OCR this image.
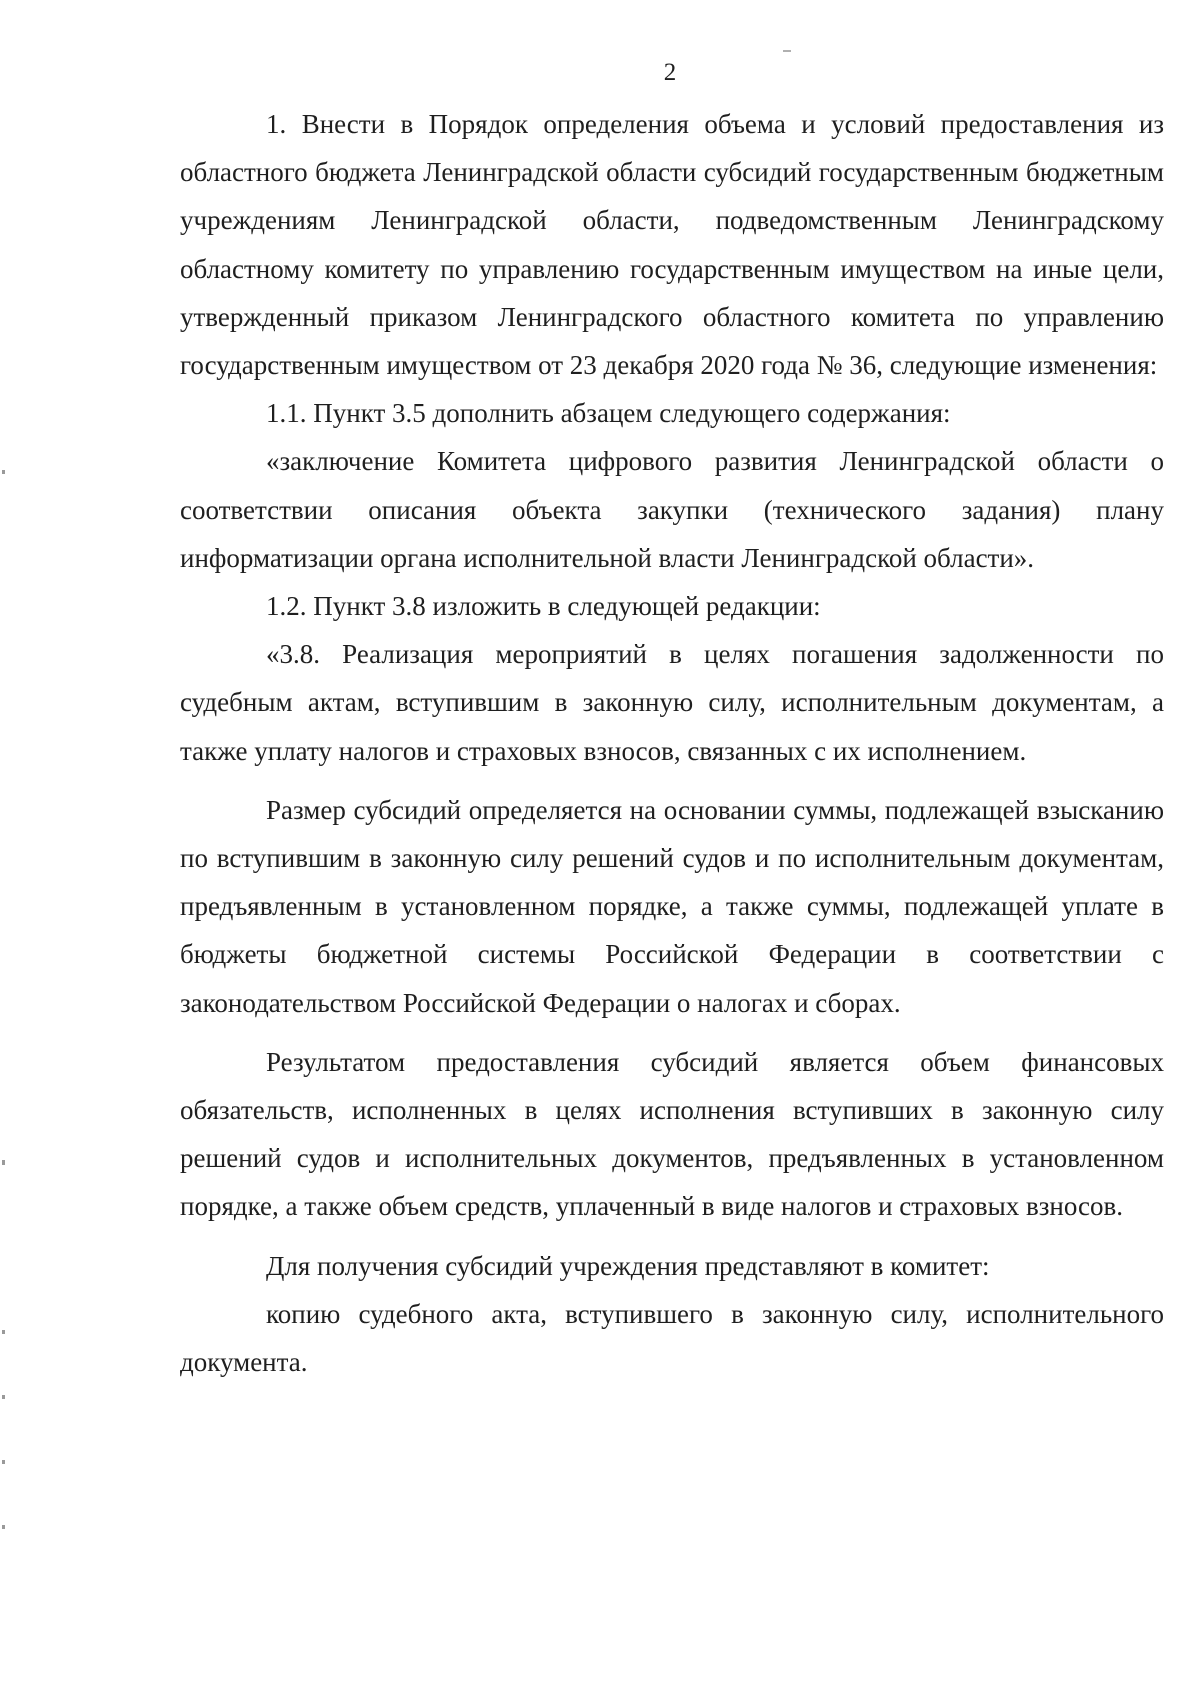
2

1. Внести в Порядок определения объема и условий предоставления из областного бюджета Ленинградской области субсидий государственным бюджетным учреждениям Ленинградской области, подведомственным Ленинградскому областному комитету по управлению государственным имуществом на иные цели, утвержденный приказом Ленинградского областного комитета по управлению государственным имуществом от 23 декабря 2020 года № 36, следующие изменения:

1.1. Пункт 3.5 дополнить абзацем следующего содержания:

«заключение Комитета цифрового развития Ленинградской области о соответствии описания объекта закупки (технического задания) плану информатизации органа исполнительной власти Ленинградской области».

1.2. Пункт 3.8 изложить в следующей редакции:

«3.8. Реализация мероприятий в целях погашения задолженности по судебным актам, вступившим в законную силу, исполнительным документам, а также уплату налогов и страховых взносов, связанных с их исполнением.

Размер субсидий определяется на основании суммы, подлежащей взысканию по вступившим в законную силу решений судов и по исполнительным документам, предъявленным в установленном порядке, а также суммы, подлежащей уплате в бюджеты бюджетной системы Российской Федерации в соответствии с законодательством Российской Федерации о налогах и сборах.

Результатом предоставления субсидий является объем финансовых обязательств, исполненных в целях исполнения вступивших в законную силу решений судов и исполнительных документов, предъявленных в установленном порядке, а также объем средств, уплаченный в виде налогов и страховых взносов.

Для получения субсидий учреждения представляют в комитет:

копию судебного акта, вступившего в законную силу, исполнительного документа.
